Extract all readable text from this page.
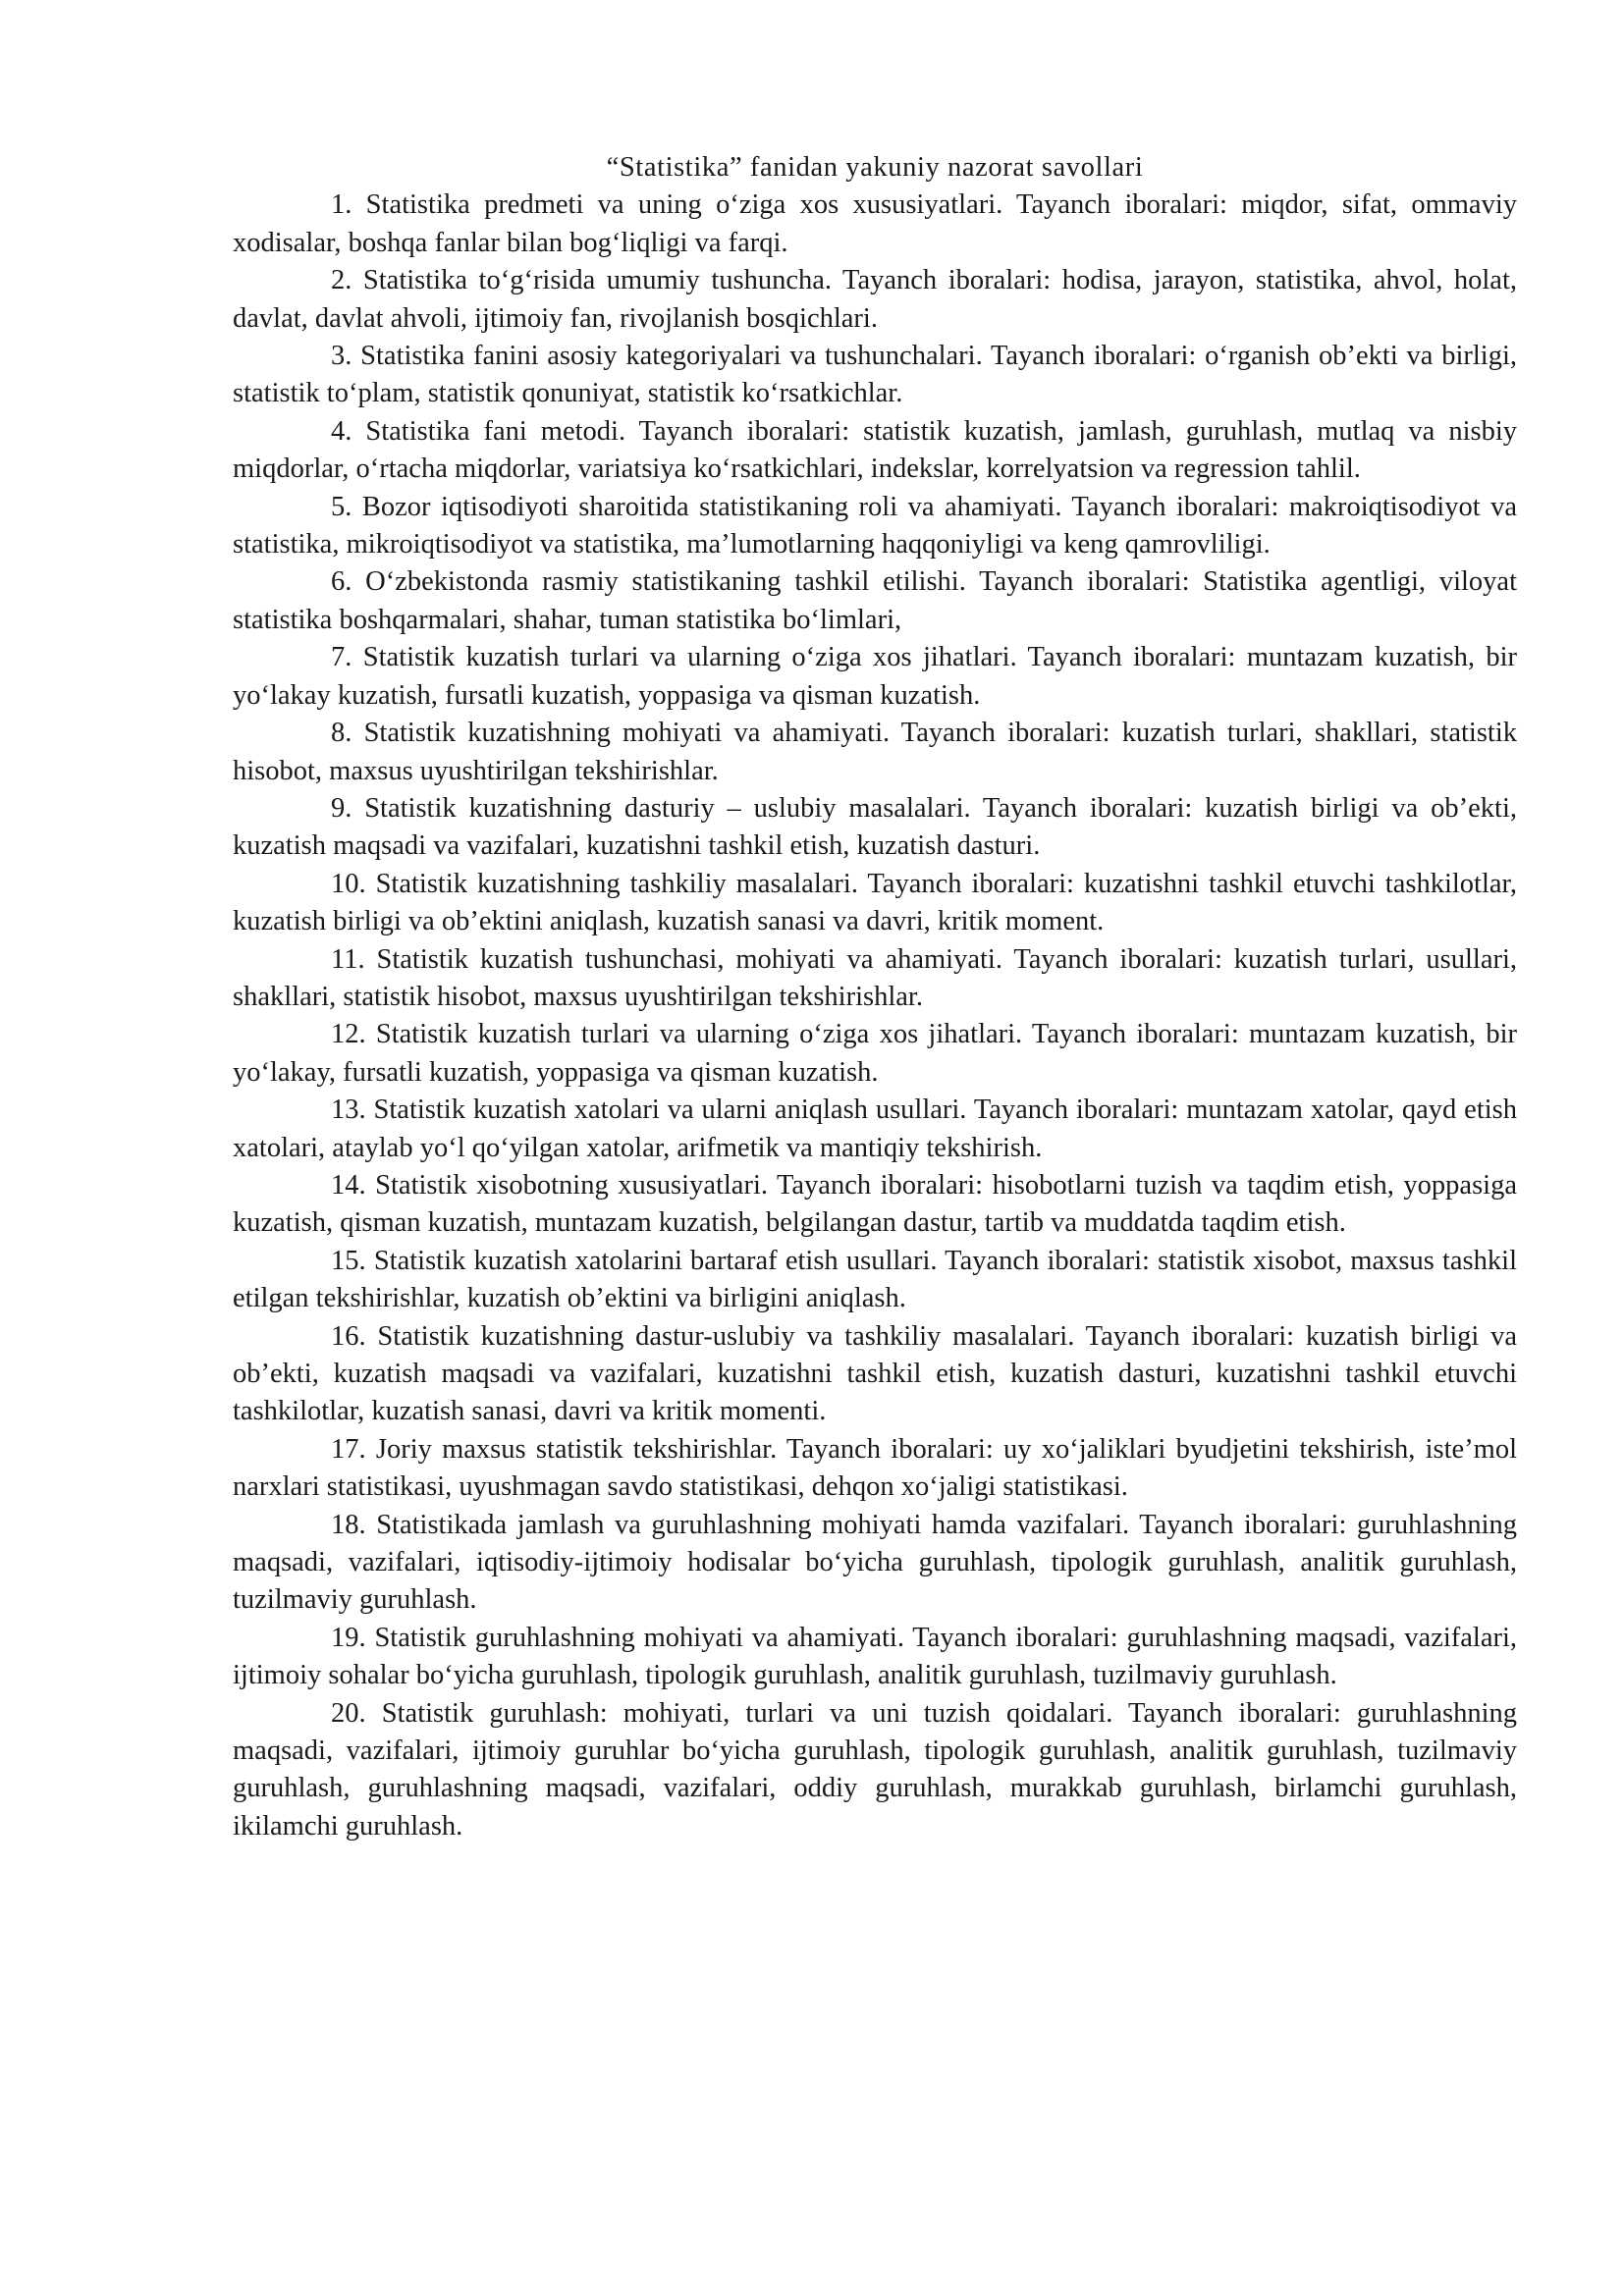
“Statistika” fanidan yakuniy nazorat savollari

1. Statistika predmeti va uning o‘ziga xos xususiyatlari. Tayanch iboralari: miqdor, sifat, ommaviy xodisalar, boshqa fanlar bilan bog‘liqligi va farqi.

2. Statistika to‘g‘risida umumiy tushuncha. Tayanch iboralari: hodisa, jarayon, statistika, ahvol, holat, davlat, davlat ahvoli, ijtimoiy fan, rivojlanish bosqichlari.

3. Statistika fanini asosiy kategoriyalari va tushunchalari. Tayanch iboralari: o‘rganish ob’ekti va birligi, statistik to‘plam, statistik qonuniyat, statistik ko‘rsatkichlar.

4. Statistika fani metodi. Tayanch iboralari: statistik kuzatish, jamlash, guruhlash, mutlaq va nisbiy miqdorlar, o‘rtacha miqdorlar, variatsiya ko‘rsatkichlari, indekslar, korrelyatsion va regression tahlil.

5. Bozor iqtisodiyoti sharoitida statistikaning roli va ahamiyati. Tayanch iboralari: makroiqtisodiyot va statistika, mikroiqtisodiyot va statistika, ma’lumotlarning haqqoniyligi va keng qamrovliligi.

6. O‘zbekistonda rasmiy statistikaning tashkil etilishi. Tayanch iboralari: Statistika agentligi, viloyat statistika boshqarmalari, shahar, tuman statistika bo‘limlari,

7. Statistik kuzatish turlari va ularning o‘ziga xos jihatlari. Tayanch iboralari: muntazam kuzatish, bir yo‘lakay kuzatish, fursatli kuzatish, yoppasiga va qisman kuzatish.

8. Statistik kuzatishning mohiyati va ahamiyati. Tayanch iboralari: kuzatish turlari, shakllari, statistik hisobot, maxsus uyushtirilgan tekshirishlar.

9. Statistik kuzatishning dasturiy – uslubiy masalalari. Tayanch iboralari: kuzatish birligi va ob’ekti, kuzatish maqsadi va vazifalari, kuzatishni tashkil etish, kuzatish dasturi.

10. Statistik kuzatishning tashkiliy masalalari. Tayanch iboralari: kuzatishni tashkil etuvchi tashkilotlar, kuzatish birligi va ob’ektini aniqlash, kuzatish sanasi va davri, kritik moment.

11. Statistik kuzatish tushunchasi, mohiyati va ahamiyati. Tayanch iboralari: kuzatish turlari, usullari, shakllari, statistik hisobot, maxsus uyushtirilgan tekshirishlar.

12. Statistik kuzatish turlari va ularning o‘ziga xos jihatlari. Tayanch iboralari: muntazam kuzatish, bir yo‘lakay, fursatli kuzatish, yoppasiga va qisman kuzatish.

13. Statistik kuzatish xatolari va ularni aniqlash usullari. Tayanch iboralari: muntazam xatolar, qayd etish xatolari, ataylab yo‘l qo‘yilgan xatolar, arifmetik va mantiqiy tekshirish.

14. Statistik xisobotning xususiyatlari. Tayanch iboralari: hisobotlarni tuzish va taqdim etish, yoppasiga kuzatish, qisman kuzatish, muntazam kuzatish, belgilangan dastur, tartib va muddatda taqdim etish.

15. Statistik kuzatish xatolarini bartaraf etish usullari. Tayanch iboralari: statistik xisobot, maxsus tashkil etilgan tekshirishlar, kuzatish ob’ektini va birligini aniqlash.

16. Statistik kuzatishning dastur-uslubiy va tashkiliy masalalari. Tayanch iboralari: kuzatish birligi va ob’ekti, kuzatish maqsadi va vazifalari, kuzatishni tashkil etish, kuzatish dasturi, kuzatishni tashkil etuvchi tashkilotlar, kuzatish sanasi, davri va kritik momenti.

17. Joriy maxsus statistik tekshirishlar. Tayanch iboralari: uy xo‘jaliklari byudjetini tekshirish, iste’mol narxlari statistikasi, uyushmagan savdo statistikasi, dehqon xo‘jaligi statistikasi.

18. Statistikada jamlash va guruhlashning mohiyati hamda vazifalari. Tayanch iboralari: guruhlashning maqsadi, vazifalari, iqtisodiy-ijtimoiy hodisalar bo‘yicha guruhlash, tipologik guruhlash, analitik guruhlash, tuzilmaviy guruhlash.

19. Statistik guruhlashning mohiyati va ahamiyati. Tayanch iboralari: guruhlashning maqsadi, vazifalari, ijtimoiy sohalar bo‘yicha guruhlash, tipologik guruhlash, analitik guruhlash, tuzilmaviy guruhlash.

20. Statistik guruhlash: mohiyati, turlari va uni tuzish qoidalari. Tayanch iboralari: guruhlashning maqsadi, vazifalari, ijtimoiy guruhlar bo‘yicha guruhlash, tipologik guruhlash, analitik guruhlash, tuzilmaviy guruhlash, guruhlashning maqsadi, vazifalari, oddiy guruhlash, murakkab guruhlash, birlamchi guruhlash, ikilamchi guruhlash.
